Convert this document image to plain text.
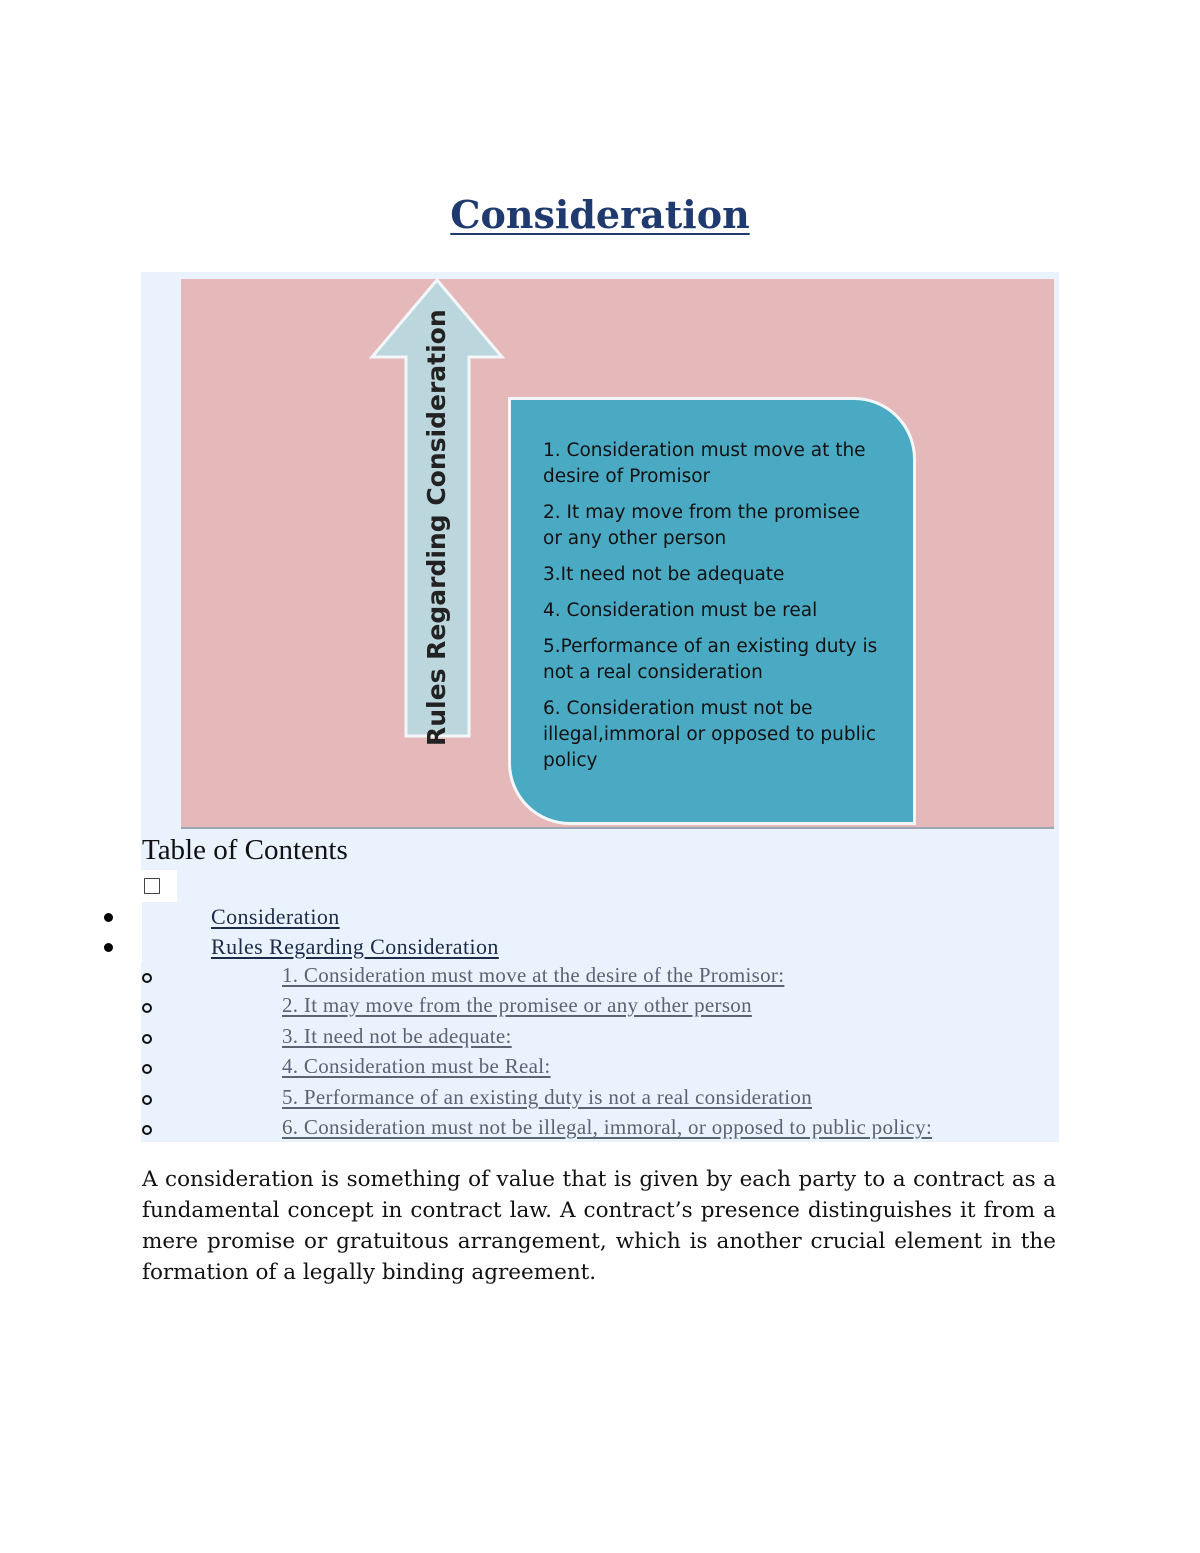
Consideration
Rules Regarding Consideration	1. Consideration must move at the desire of Promisor
2. It may move from the promisee or any other person
3.It need not be adequate
4. Consideration must be real
5.Performance of an existing duty is not a real consideration
6. Consideration must not be illegal,immoral or opposed to public policy
Table of Contents
Consideration
Rules Regarding Consideration
1. Consideration must move at the desire of the Promisor:
2. It may move from the promisee or any other person
3. It need not be adequate:
4. Consideration must be Real:
5. Performance of an existing duty is not a real consideration
6. Consideration must not be illegal, immoral, or opposed to public policy:

A consideration is something of value that is given by each party to a contract as a fundamental concept in contract law. A contract’s presence distinguishes it from a mere promise or gratuitous arrangement, which is another crucial element in the formation of a legally binding agreement.
